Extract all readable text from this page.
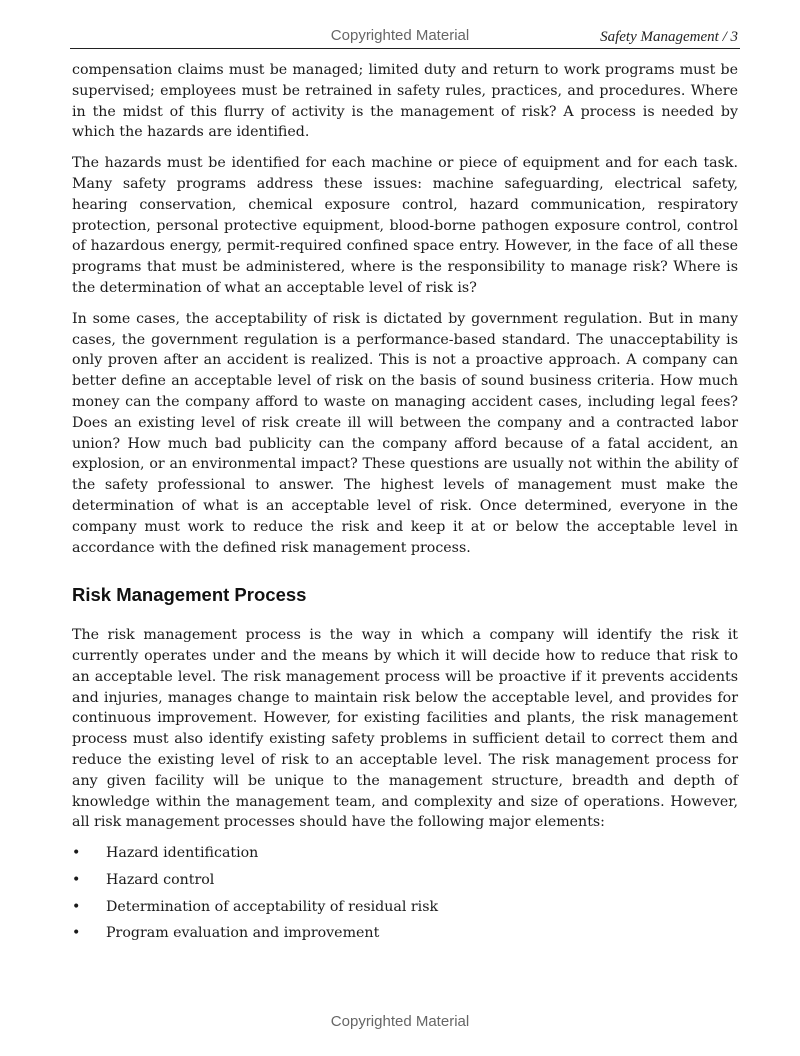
Copyrighted Material	Safety Management / 3

compensation claims must be managed; limited duty and return to work programs must be supervised; employees must be retrained in safety rules, practices, and procedures. Where in the midst of this flurry of activity is the management of risk? A process is needed by which the hazards are identified.

The hazards must be identified for each machine or piece of equipment and for each task. Many safety programs address these issues: machine safeguarding, electrical safety, hearing conservation, chemical exposure control, hazard communication, respiratory protection, personal protective equipment, blood-borne pathogen exposure control, control of hazardous energy, permit-required confined space entry. However, in the face of all these programs that must be administered, where is the responsibility to manage risk? Where is the determination of what an acceptable level of risk is?

In some cases, the acceptability of risk is dictated by government regulation. But in many cases, the government regulation is a performance-based standard. The unacceptability is only proven after an accident is realized. This is not a proactive approach. A company can better define an acceptable level of risk on the basis of sound business criteria. How much money can the company afford to waste on managing accident cases, including legal fees? Does an existing level of risk create ill will between the company and a contracted labor union? How much bad publicity can the company afford because of a fatal accident, an explosion, or an environmental impact? These questions are usually not within the ability of the safety professional to answer. The highest levels of management must make the determination of what is an acceptable level of risk. Once determined, everyone in the company must work to reduce the risk and keep it at or below the acceptable level in accordance with the defined risk management process.

Risk Management Process

The risk management process is the way in which a company will identify the risk it currently operates under and the means by which it will decide how to reduce that risk to an acceptable level. The risk management process will be proactive if it prevents accidents and injuries, manages change to maintain risk below the acceptable level, and provides for continuous improvement. However, for existing facilities and plants, the risk management process must also identify existing safety problems in sufficient detail to correct them and reduce the existing level of risk to an acceptable level. The risk management process for any given facility will be unique to the management structure, breadth and depth of knowledge within the management team, and complexity and size of operations. However, all risk management processes should have the following major elements:

• Hazard identification
• Hazard control
• Determination of acceptability of residual risk
• Program evaluation and improvement
Copyrighted Material
